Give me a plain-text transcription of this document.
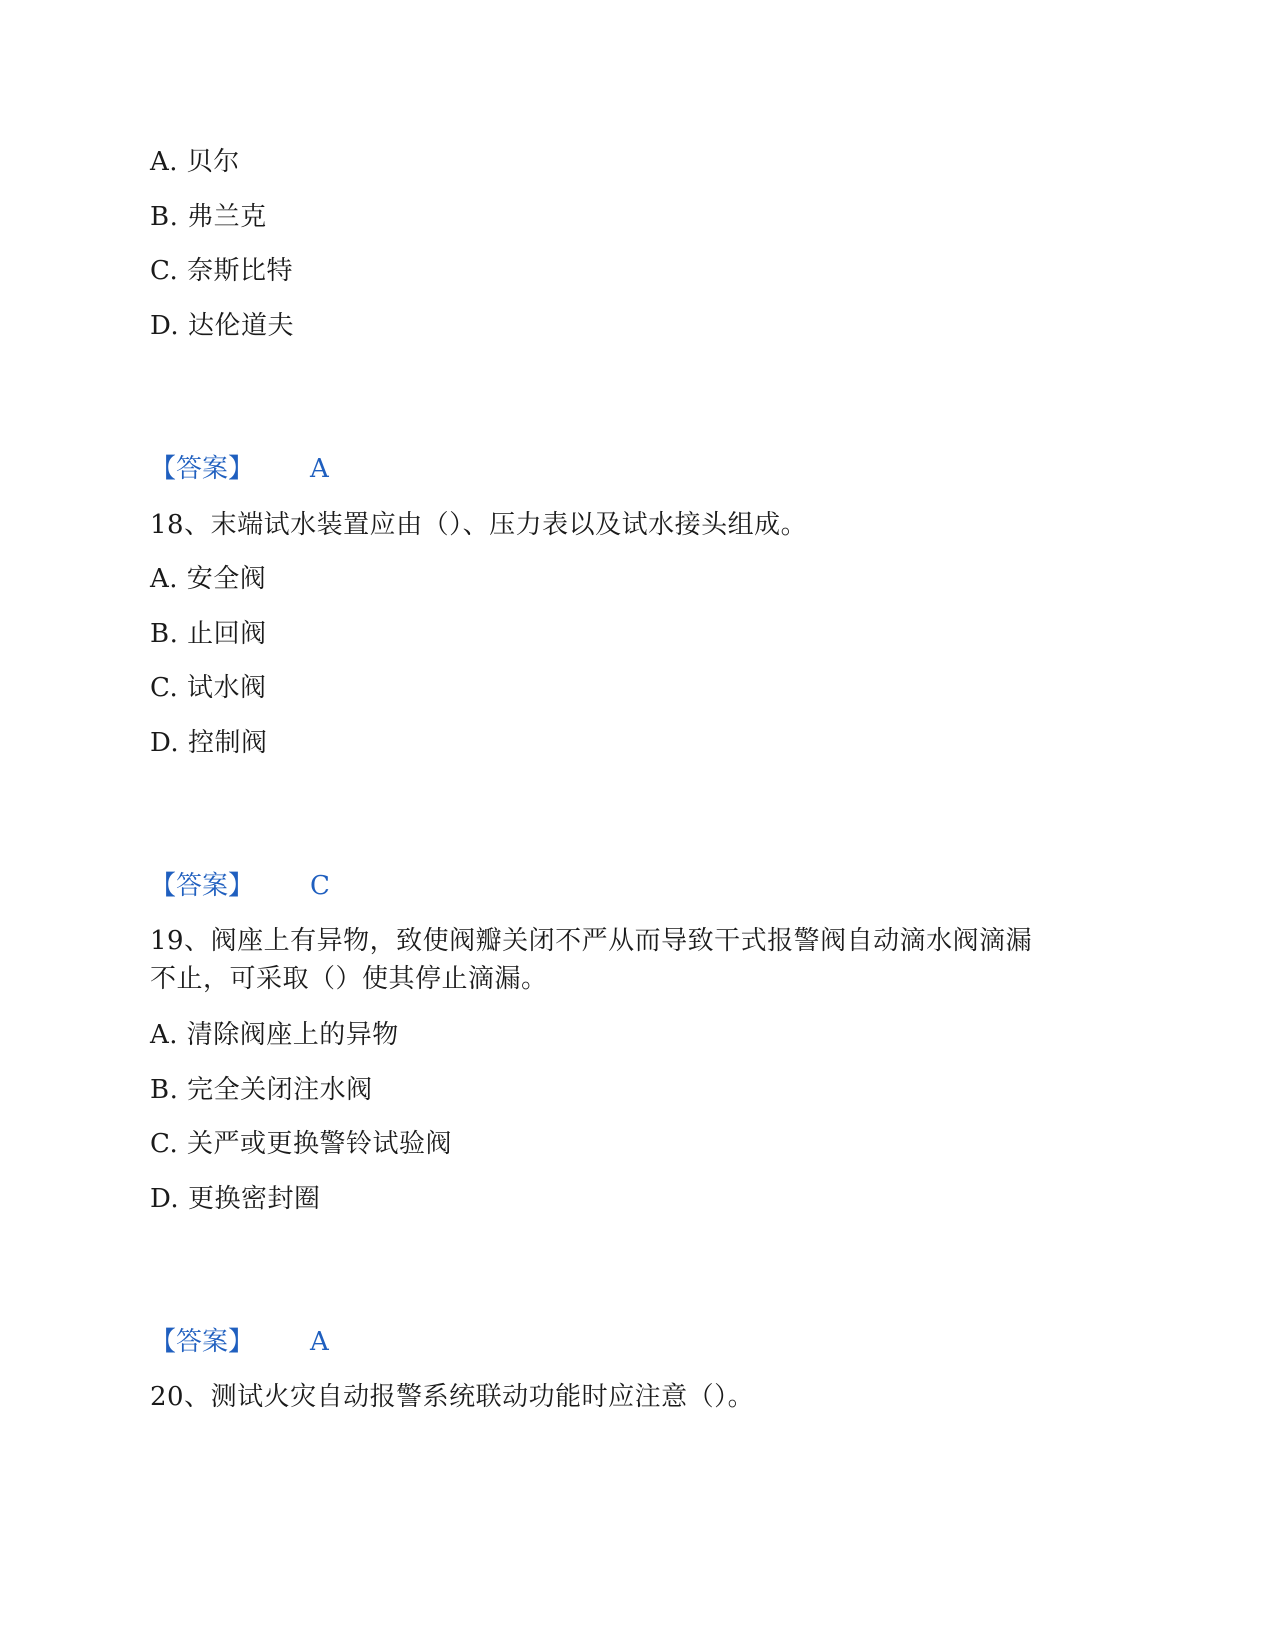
A. 贝尔
B. 弗兰克
C. 奈斯比特
D. 达伦道夫
【答案】 A
18、末端试水装置应由（）、压力表以及试水接头组成。
A. 安全阀
B. 止回阀
C. 试水阀
D. 控制阀
【答案】 C
19、阀座上有异物，致使阀瓣关闭不严从而导致干式报警阀自动滴水阀滴漏
不止，可采取（）使其停止滴漏。
A. 清除阀座上的异物
B. 完全关闭注水阀
C. 关严或更换警铃试验阀
D. 更换密封圈
【答案】 A
20、测试火灾自动报警系统联动功能时应注意（）。
